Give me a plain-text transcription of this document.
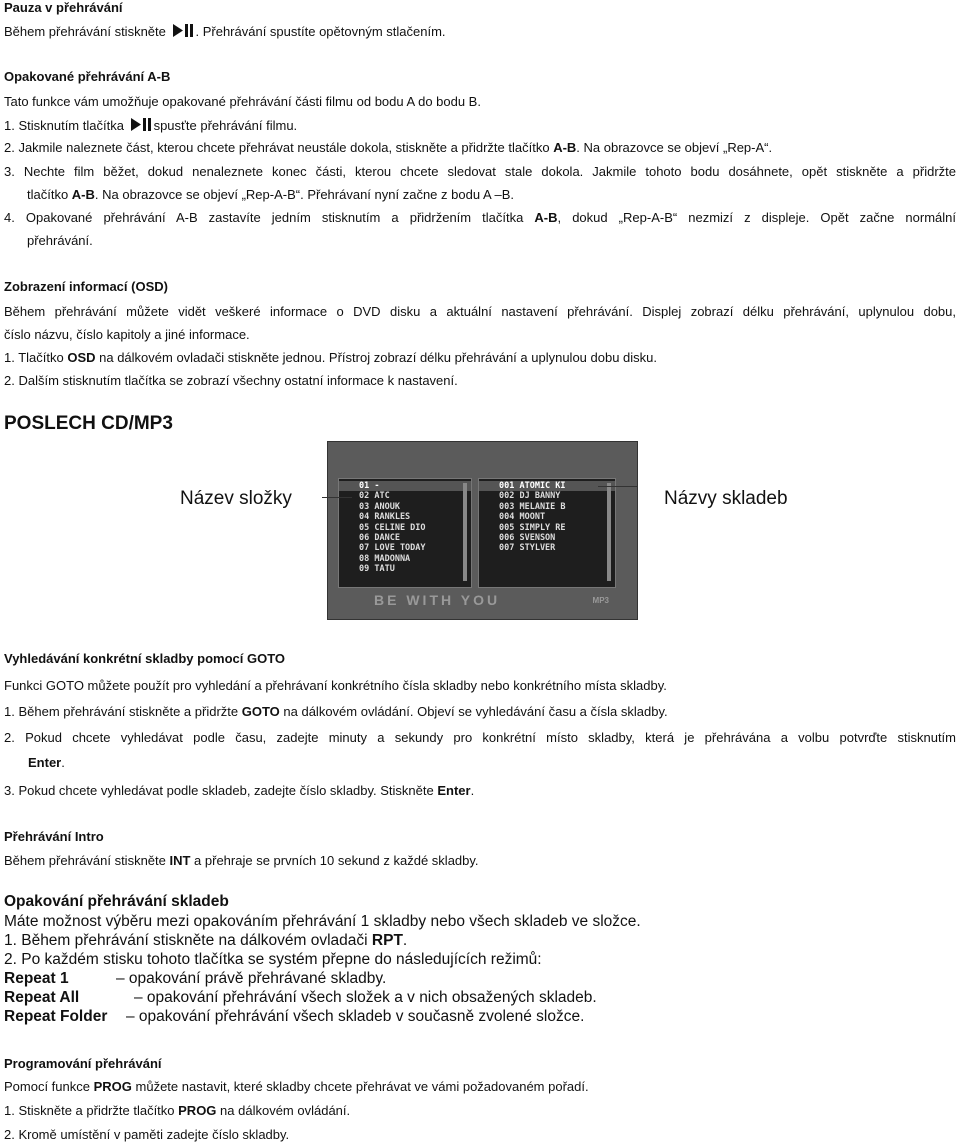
Pauza v přehrávání
Během přehrávání stiskněte . Přehrávání spustíte opětovným stlačením.
Opakované přehrávání A-B
Tato funkce vám umožňuje opakované přehrávání části filmu od bodu A do bodu B.
1. Stisknutím tlačítka spusťte přehrávání filmu.
2. Jakmile naleznete část, kterou chcete přehrávat neustále dokola, stiskněte a přidržte tlačítko A-B. Na obrazovce se objeví „Rep-A“.
3. Nechte film běžet, dokud nenaleznete konec části, kterou chcete sledovat stale dokola. Jakmile tohoto bodu dosáhnete, opět stiskněte a přidržte
tlačítko A-B. Na obrazovce se objeví „Rep-A-B“. Přehrávaní nyní začne z bodu A –B.
4. Opakované přehrávání A-B zastavíte jedním stisknutím a přidržením tlačítka A-B, dokud „Rep-A-B“ nezmizí z displeje. Opět začne normální
přehrávání.
Zobrazení informací (OSD)
Během přehrávání můžete vidět veškeré informace o DVD disku a aktuální nastavení přehrávání. Displej zobrazí délku přehrávání, uplynulou dobu,
číslo názvu, číslo kapitoly a jiné informace.
1. Tlačítko OSD na dálkovém ovladači stiskněte jednou. Přístroj zobrazí délku přehrávání a uplynulou dobu disku.
2. Dalším stisknutím tlačítka se zobrazí všechny ostatní informace k nastavení.
POSLECH CD/MP3
01 -
02 ATC
03 ANOUK
04 RANKLES
05 CELINE DIO
06 DANCE
07 LOVE TODAY
08 MADONNA
09 TATU
001 ATOMIC KI
002 DJ BANNY
003 MELANIE B
004 MOONT
005 SIMPLY RE
006 SVENSON
007 STYLVER
BE WITH YOU	MP3
Název složky	Názvy skladeb
Vyhledávání konkrétní skladby pomocí GOTO
Funkci GOTO můžete použít pro vyhledání a přehrávaní konkrétního čísla skladby nebo konkrétního místa skladby.
1. Během přehrávání stiskněte a přidržte GOTO na dálkovém ovládání. Objeví se vyhledávání času a čísla skladby.
2. Pokud chcete vyhledávat podle času, zadejte minuty a sekundy pro konkrétní místo skladby, která je přehrávána a volbu potvrďte stisknutím
Enter.
3. Pokud chcete vyhledávat podle skladeb, zadejte číslo skladby. Stiskněte Enter.
Přehrávání Intro
Během přehrávání stiskněte INT a přehraje se prvních 10 sekund z každé skladby.
Opakování přehrávání skladeb
Máte možnost výběru mezi opakováním přehrávání 1 skladby nebo všech skladeb ve složce.
1. Během přehrávání stiskněte na dálkovém ovladači RPT.
2. Po každém stisku tohoto tlačítka se systém přepne do následujících režimů:
Repeat 1	– opakování právě přehrávané skladby.
Repeat All	– opakování přehrávání všech složek a v nich obsažených skladeb.
Repeat Folder – opakování přehrávání všech skladeb v současně zvolené složce.
Programování přehrávání
Pomocí funkce PROG můžete nastavit, které skladby chcete přehrávat ve vámi požadovaném pořadí.
1. Stiskněte a přidržte tlačítko PROG na dálkovém ovládání.
2. Kromě umístění v paměti zadejte číslo skladby.
